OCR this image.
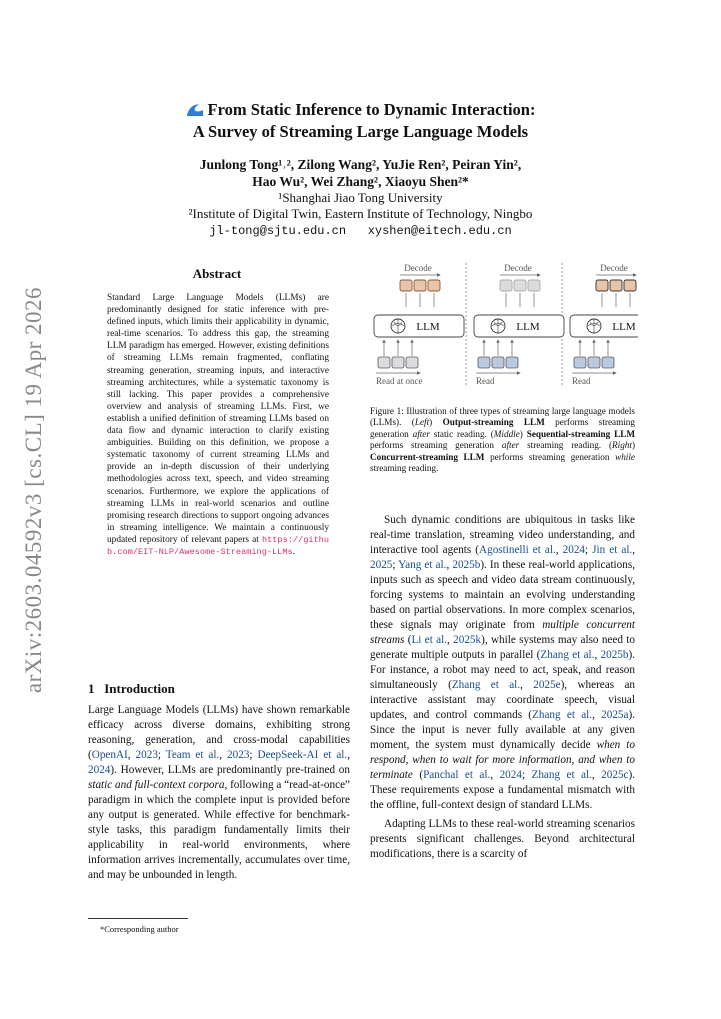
arXiv:2603.04592v3 [cs.CL] 19 Apr 2026
From Static Inference to Dynamic Interaction:
A Survey of Streaming Large Language Models
Junlong Tong¹˒², Zilong Wang², YuJie Ren², Peiran Yin²,
Hao Wu², Wei Zhang², Xiaoyu Shen²*
¹Shanghai Jiao Tong University
²Institute of Digital Twin, Eastern Institute of Technology, Ningbo
jl-tong@sjtu.edu.cn   xyshen@eitech.edu.cn
Abstract
Standard Large Language Models (LLMs) are predominantly designed for static inference with pre-defined inputs, which limits their applicability in dynamic, real-time scenarios. To address this gap, the streaming LLM paradigm has emerged. However, existing definitions of streaming LLMs remain fragmented, conflating streaming generation, streaming inputs, and interactive streaming architectures, while a systematic taxonomy is still lacking. This paper provides a comprehensive overview and analysis of streaming LLMs. First, we establish a unified definition of streaming LLMs based on data flow and dynamic interaction to clarify existing ambiguities. Building on this definition, we propose a systematic taxonomy of current streaming LLMs and provide an in-depth discussion of their underlying methodologies across text, speech, and video streaming scenarios. Furthermore, we explore the applications of streaming LLMs in real-world scenarios and outline promising research directions to support ongoing advances in streaming intelligence. We maintain a continuously updated repository of relevant papers at https://github.com/EIT-NLP/Awesome-Streaming-LLMs.
Decode
LLM
Read at once
Decode
LLM
Read
Decode
LLM
Read
Figure 1: Illustration of three types of streaming large language models (LLMs). (Left) Output-streaming LLM performs streaming generation after static reading. (Middle) Sequential-streaming LLM performs streaming generation after streaming reading. (Right) Concurrent-streaming LLM performs streaming generation while streaming reading.
1 Introduction
Large Language Models (LLMs) have shown remarkable efficacy across diverse domains, exhibiting strong reasoning, generation, and cross-modal capabilities (OpenAI, 2023; Team et al., 2023; DeepSeek-AI et al., 2024). However, LLMs are predominantly pre-trained on static and full-context corpora, following a “read-at-once” paradigm in which the complete input is provided before any output is generated. While effective for benchmark-style tasks, this paradigm fundamentally limits their applicability in real-world environments, where information arrives incrementally, accumulates over time, and may be unbounded in length.

Such dynamic conditions are ubiquitous in tasks like real-time translation, streaming video understanding, and interactive tool agents (Agostinelli et al., 2024; Jin et al., 2025; Yang et al., 2025b). In these real-world applications, inputs such as speech and video data stream continuously, forcing systems to maintain an evolving understanding based on partial observations. In more complex scenarios, these signals may originate from multiple concurrent streams (Li et al., 2025k), while systems may also need to generate multiple outputs in parallel (Zhang et al., 2025b). For instance, a robot may need to act, speak, and reason simultaneously (Zhang et al., 2025e), whereas an interactive assistant may coordinate speech, visual updates, and control commands (Zhang et al., 2025a). Since the input is never fully available at any given moment, the system must dynamically decide when to respond, when to wait for more information, and when to terminate (Panchal et al., 2024; Zhang et al., 2025c). These requirements expose a fundamental mismatch with the offline, full-context design of standard LLMs.

Adapting LLMs to these real-world streaming scenarios presents significant challenges. Beyond architectural modifications, there is a scarcity of

*Corresponding author
